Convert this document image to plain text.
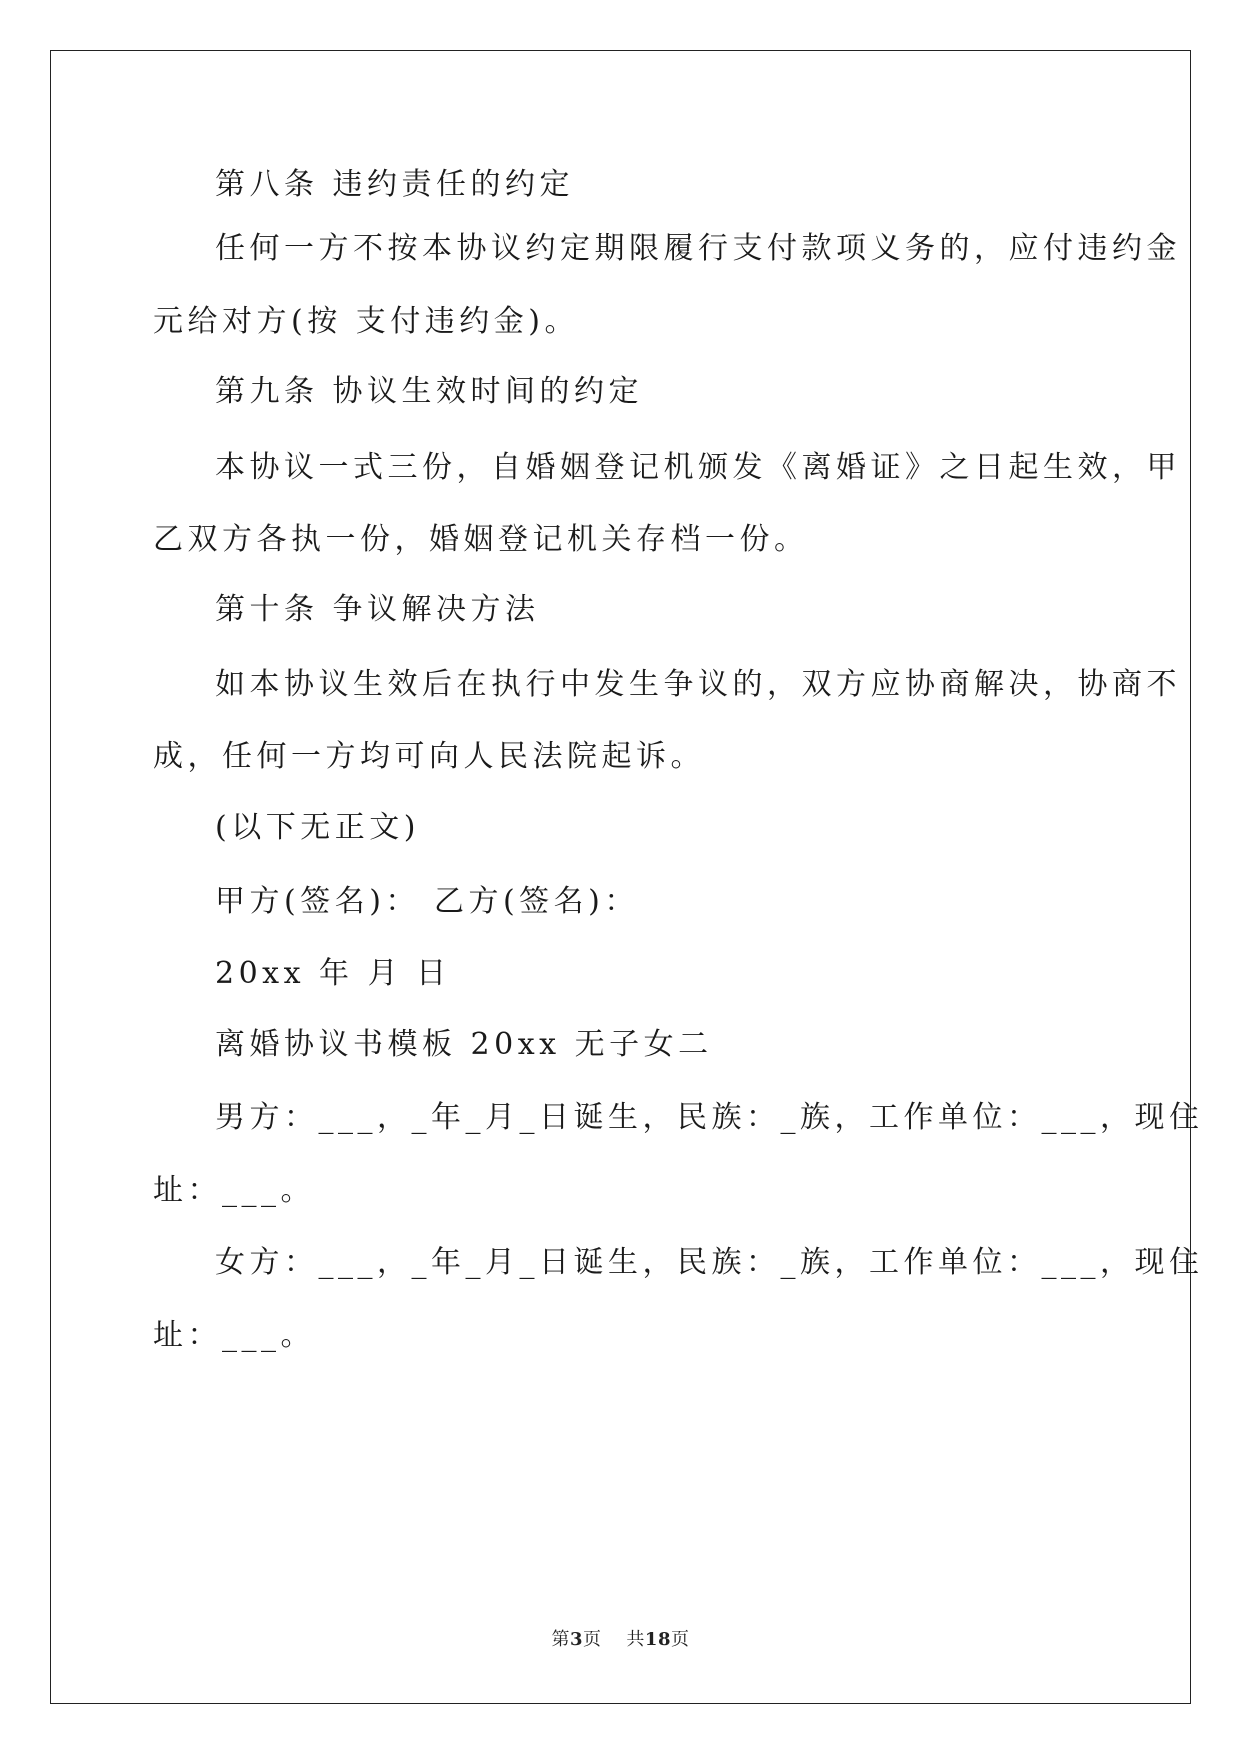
第八条 违约责任的约定
任何一方不按本协议约定期限履行支付款项义务的，应付违约金
元给对方(按 支付违约金)。
第九条 协议生效时间的约定
本协议一式三份，自婚姻登记机颁发《离婚证》之日起生效，甲
乙双方各执一份，婚姻登记机关存档一份。
第十条 争议解决方法
如本协议生效后在执行中发生争议的，双方应协商解决，协商不
成，任何一方均可向人民法院起诉。
(以下无正文)
甲方(签名)： 乙方(签名)：
20xx 年 月 日
离婚协议书模板 20xx 无子女二
男方：___，_年_月_日诞生，民族：_族，工作单位：___，现住
址：___。
女方：___，_年_月_日诞生，民族：_族，工作单位：___，现住
址：___。
第3页 共18页
